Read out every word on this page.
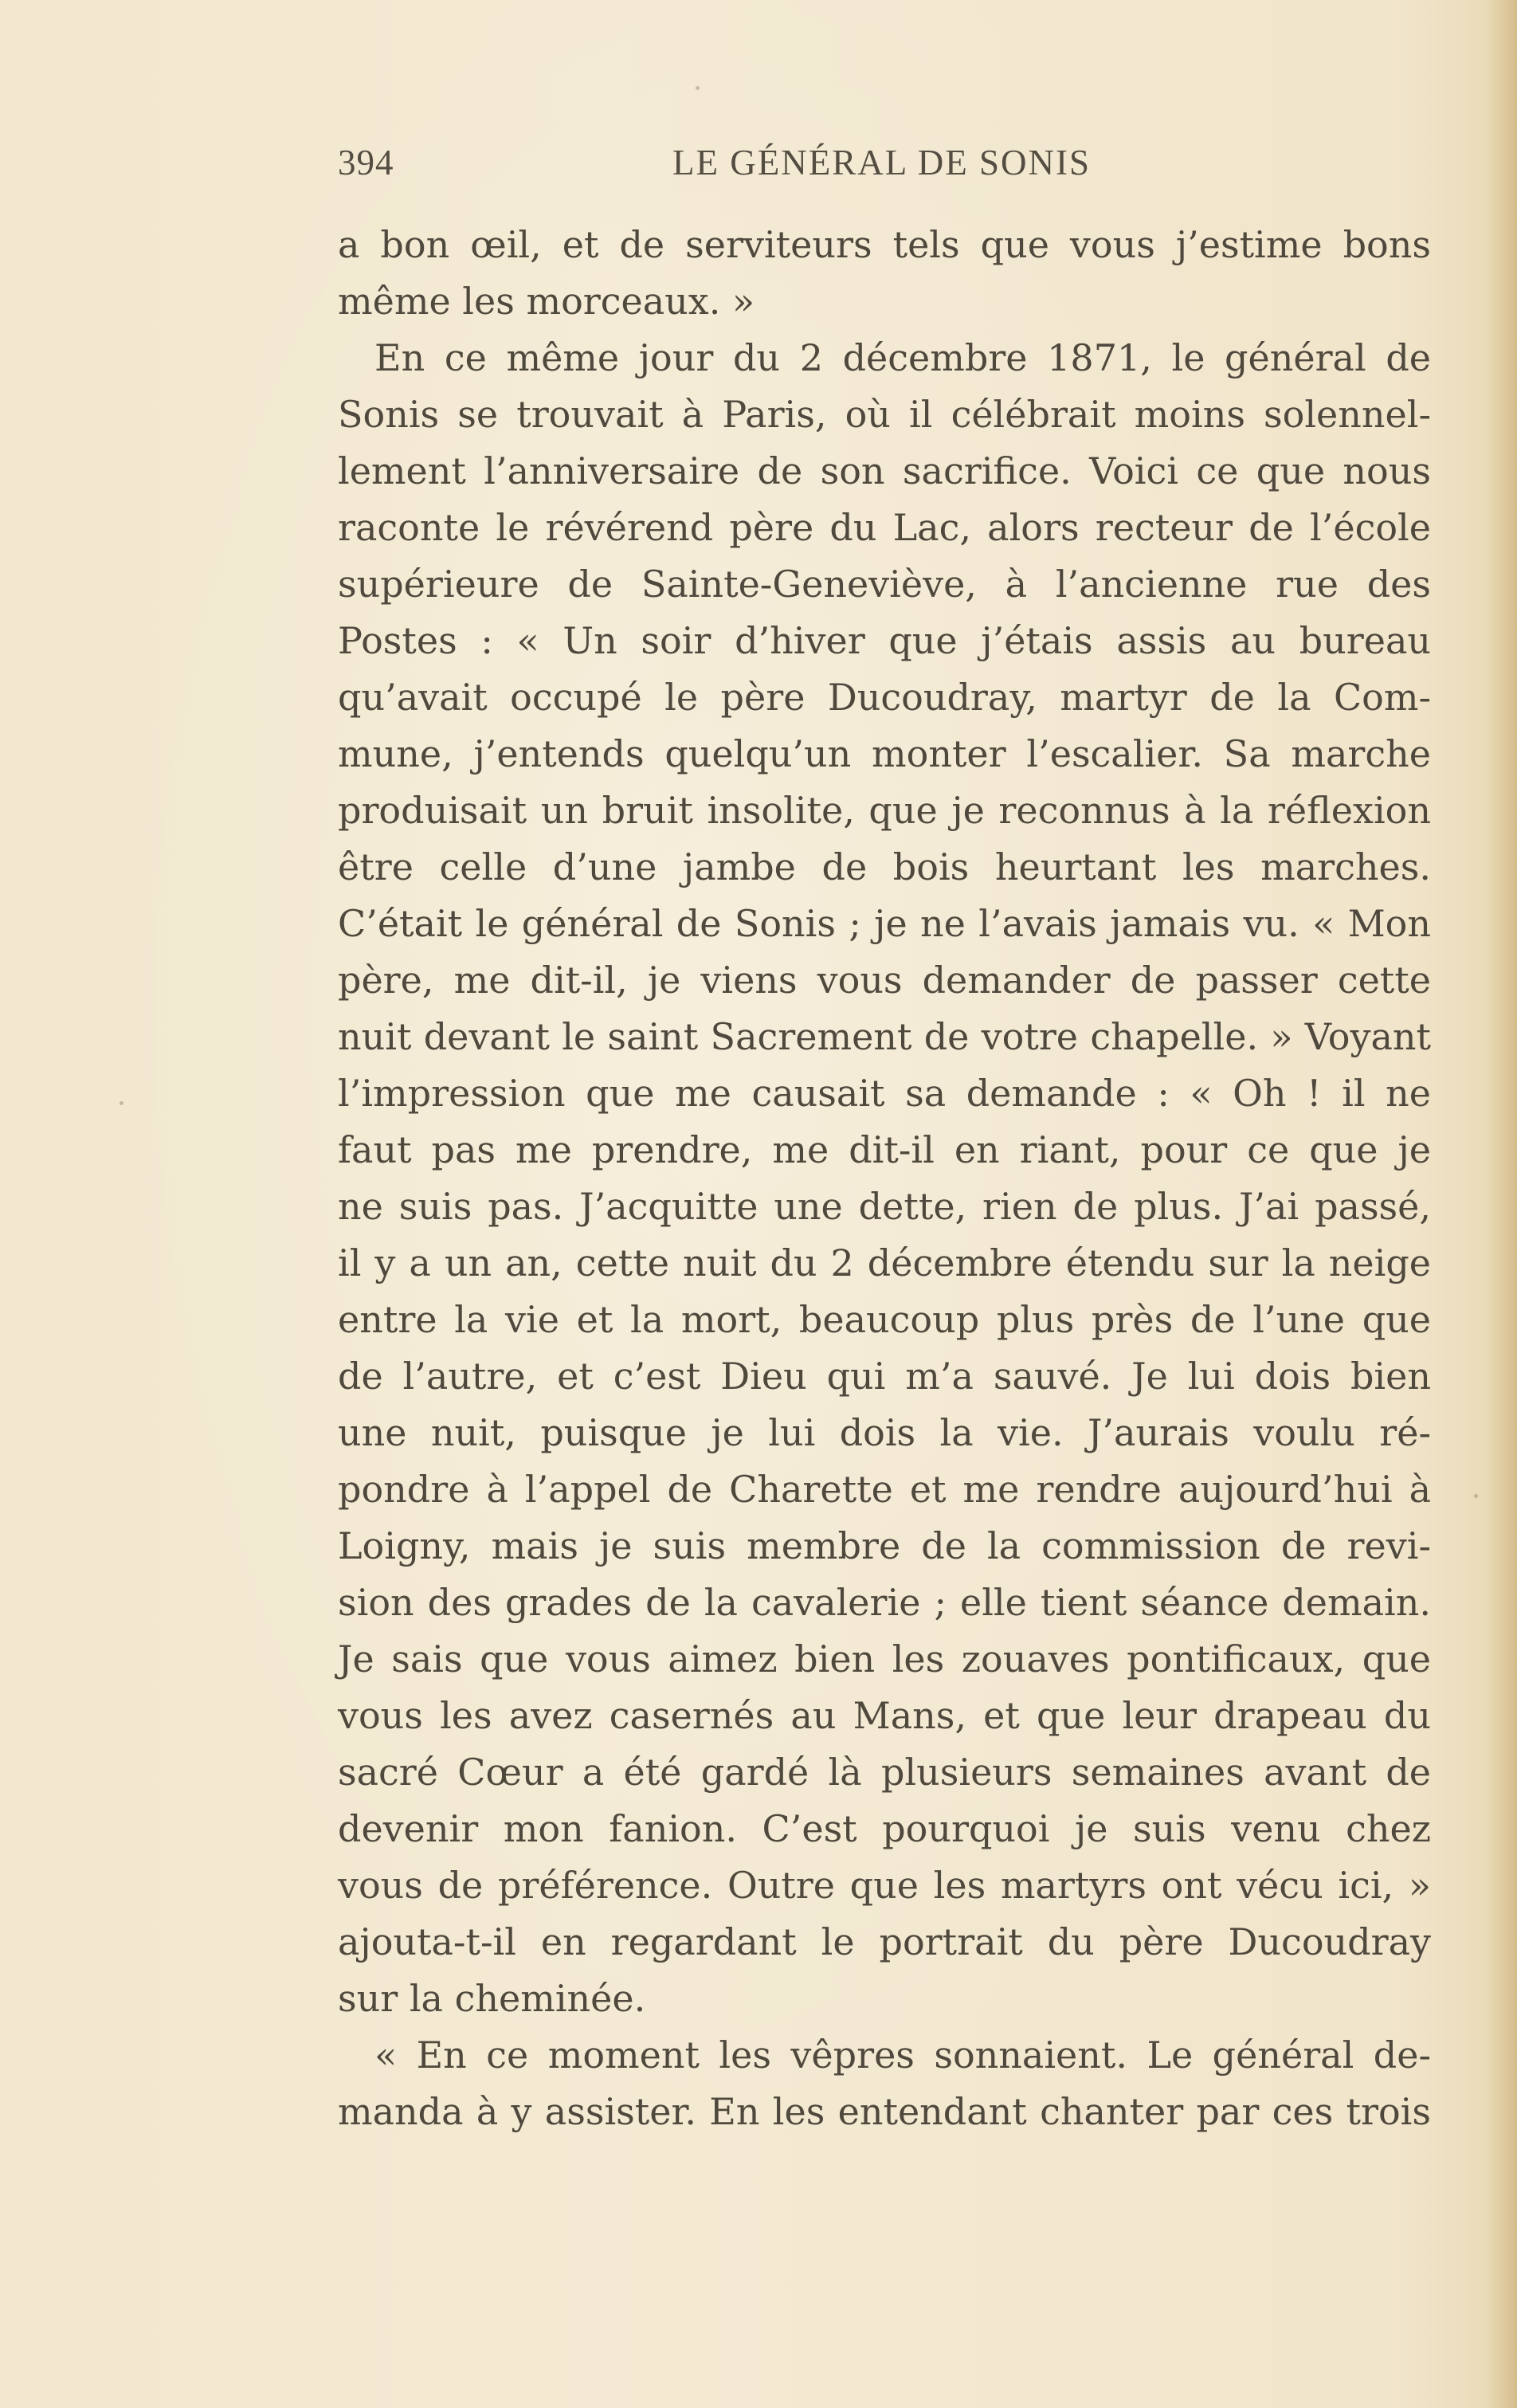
394	LE GÉNÉRAL DE SONIS
a bon œil, et de serviteurs tels que vous j’estime bons
même les morceaux. »
En ce même jour du 2 décembre 1871, le général de
Sonis se trouvait à Paris, où il célébrait moins solennel-
lement l’anniversaire de son sacrifice. Voici ce que nous
raconte le révérend père du Lac, alors recteur de l’école
supérieure de Sainte-Geneviève, à l’ancienne rue des
Postes : « Un soir d’hiver que j’étais assis au bureau
qu’avait occupé le père Ducoudray, martyr de la Com-
mune, j’entends quelqu’un monter l’escalier. Sa marche
produisait un bruit insolite, que je reconnus à la réflexion
être celle d’une jambe de bois heurtant les marches.
C’était le général de Sonis ; je ne l’avais jamais vu. « Mon
père, me dit-il, je viens vous demander de passer cette
nuit devant le saint Sacrement de votre chapelle. » Voyant
l’impression que me causait sa demande : « Oh ! il ne
faut pas me prendre, me dit-il en riant, pour ce que je
ne suis pas. J’acquitte une dette, rien de plus. J’ai passé,
il y a un an, cette nuit du 2 décembre étendu sur la neige
entre la vie et la mort, beaucoup plus près de l’une que
de l’autre, et c’est Dieu qui m’a sauvé. Je lui dois bien
une nuit, puisque je lui dois la vie. J’aurais voulu ré-
pondre à l’appel de Charette et me rendre aujourd’hui à
Loigny, mais je suis membre de la commission de revi-
sion des grades de la cavalerie ; elle tient séance demain.
Je sais que vous aimez bien les zouaves pontificaux, que
vous les avez casernés au Mans, et que leur drapeau du
sacré Cœur a été gardé là plusieurs semaines avant de
devenir mon fanion. C’est pourquoi je suis venu chez
vous de préférence. Outre que les martyrs ont vécu ici, »
ajouta-t-il en regardant le portrait du père Ducoudray
sur la cheminée.
« En ce moment les vêpres sonnaient. Le général de-
manda à y assister. En les entendant chanter par ces trois
